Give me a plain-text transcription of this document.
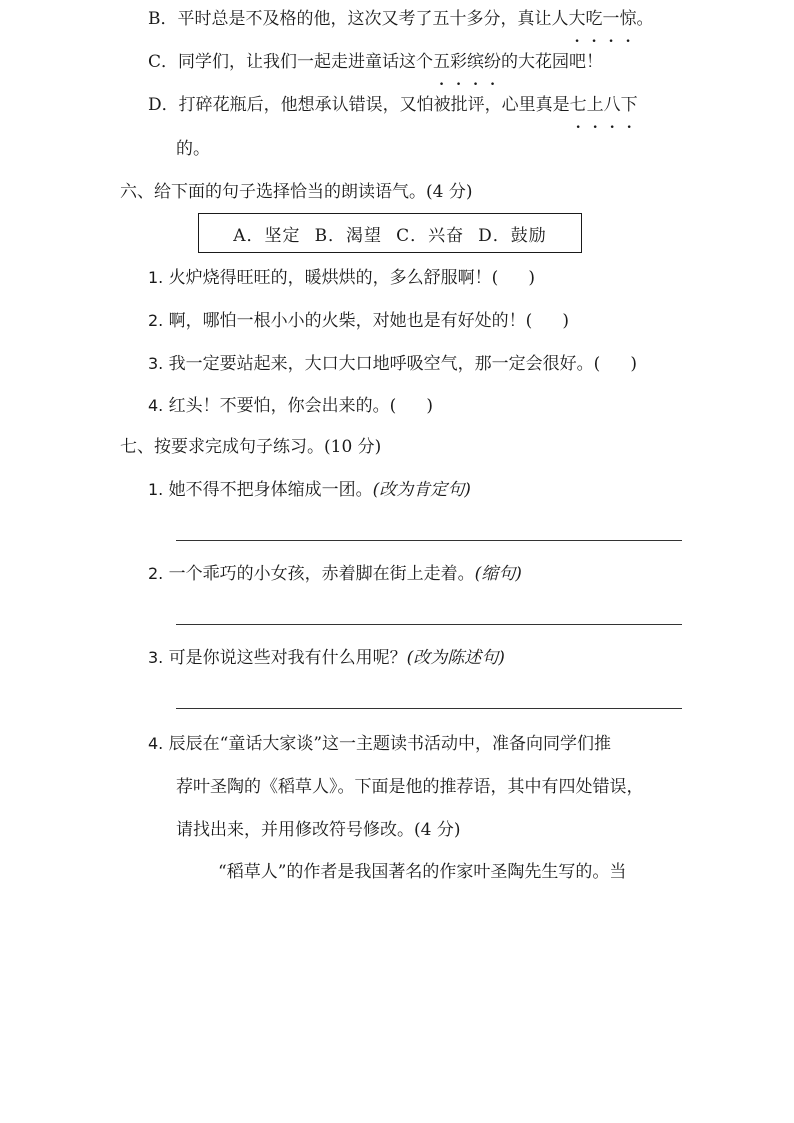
B．平时总是不及格的他，这次又考了五十多分，真让人大吃一惊。
C．同学们，让我们一起走进童话这个五彩缤纷的大花园吧！
D．打碎花瓶后，他想承认错误，又怕被批评，心里真是七上八下
的。
六、给下面的句子选择恰当的朗读语气。(4 分)
A．坚定 B．渴望 C．兴奋 D．鼓励
1. 火炉烧得旺旺的，暖烘烘的，多么舒服啊！( )
2. 啊，哪怕一根小小的火柴，对她也是有好处的！( )
3. 我一定要站起来，大口大口地呼吸空气，那一定会很好。( )
4. 红头！不要怕，你会出来的。( )
七、按要求完成句子练习。(10 分)
1. 她不得不把身体缩成一团。(改为肯定句)
2. 一个乖巧的小女孩，赤着脚在街上走着。(缩句)
3. 可是你说这些对我有什么用呢？(改为陈述句)
4. 辰辰在“童话大家谈”这一主题读书活动中，准备向同学们推
荐叶圣陶的《稻草人》。下面是他的推荐语，其中有四处错误，
请找出来，并用修改符号修改。(4 分)
“稻草人”的作者是我国著名的作家叶圣陶先生写的。当
